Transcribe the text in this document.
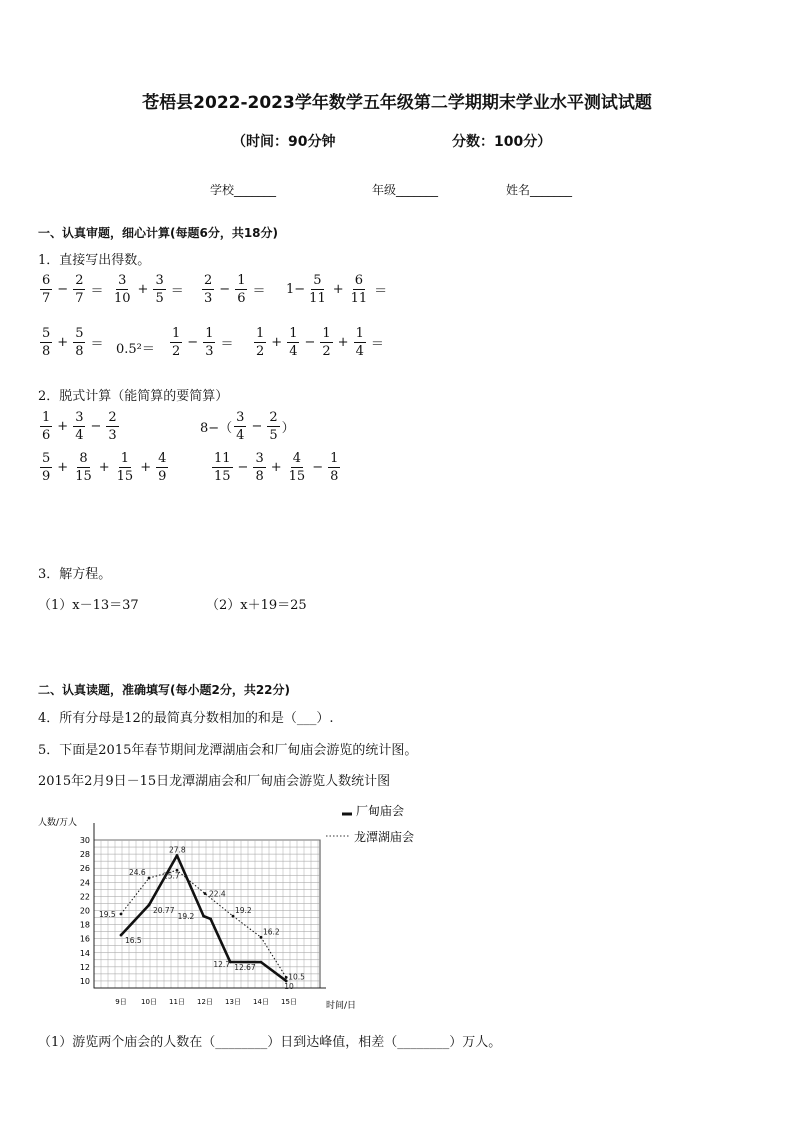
苍梧县2022-2023学年数学五年级第二学期期末学业水平测试试题
（时间：90分钟	分数：100分）
学校_______	年级_______	姓名_______
一、认真审题，细心计算(每题6分，共18分)
1．直接写出得数。
$\frac{6}{7} - \frac{2}{7} = \frac{3}{10} + \frac{3}{5} = \frac{2}{3} - \frac{1}{6} = 1- \frac{5}{11} + \frac{6}{11}$ ＝
$\frac{5}{8} + \frac{5}{8} = 0.5^2= \frac{1}{2} - \frac{1}{3} = \frac{1}{2} + \frac{1}{4} - \frac{1}{2} + \frac{1}{4}$ ＝
2．脱式计算（能简算的要简算）
$\frac{1}{6} + \frac{3}{4} - \frac{2}{3}$	$8-( \frac{3}{4} - \frac{2}{5}$ ）
$\frac{5}{9} + \frac{8}{15} + \frac{1}{15} + \frac{4}{9}$	$\frac{11}{15} - \frac{3}{8} + \frac{4}{15} - \frac{1}{8}$
3．解方程。
（1）x－13＝37	（2）x＋19＝25
二、认真读题，准确填写(每小题2分，共22分)
4．所有分母是12的最简真分数相加的和是（___）.
5．下面是2015年春节期间龙潭湖庙会和厂甸庙会游览的统计图。
2015年2月9日－15日龙潭湖庙会和厂甸庙会游览人数统计图
10
12
14
16
18
20
22
24
26
28
30
9日 10日 11日 12日 13日 14日 15日
16.5
20.77
27.8
19.2
12.67
10
19.5
24.6 25.7
22.4
19.2
16.2
10.5
12.7
人数/万人
时间/日
厂甸庙会
龙潭湖庙会
（1）游览两个庙会的人数在（________）日到达峰值，相差（________）万人。
